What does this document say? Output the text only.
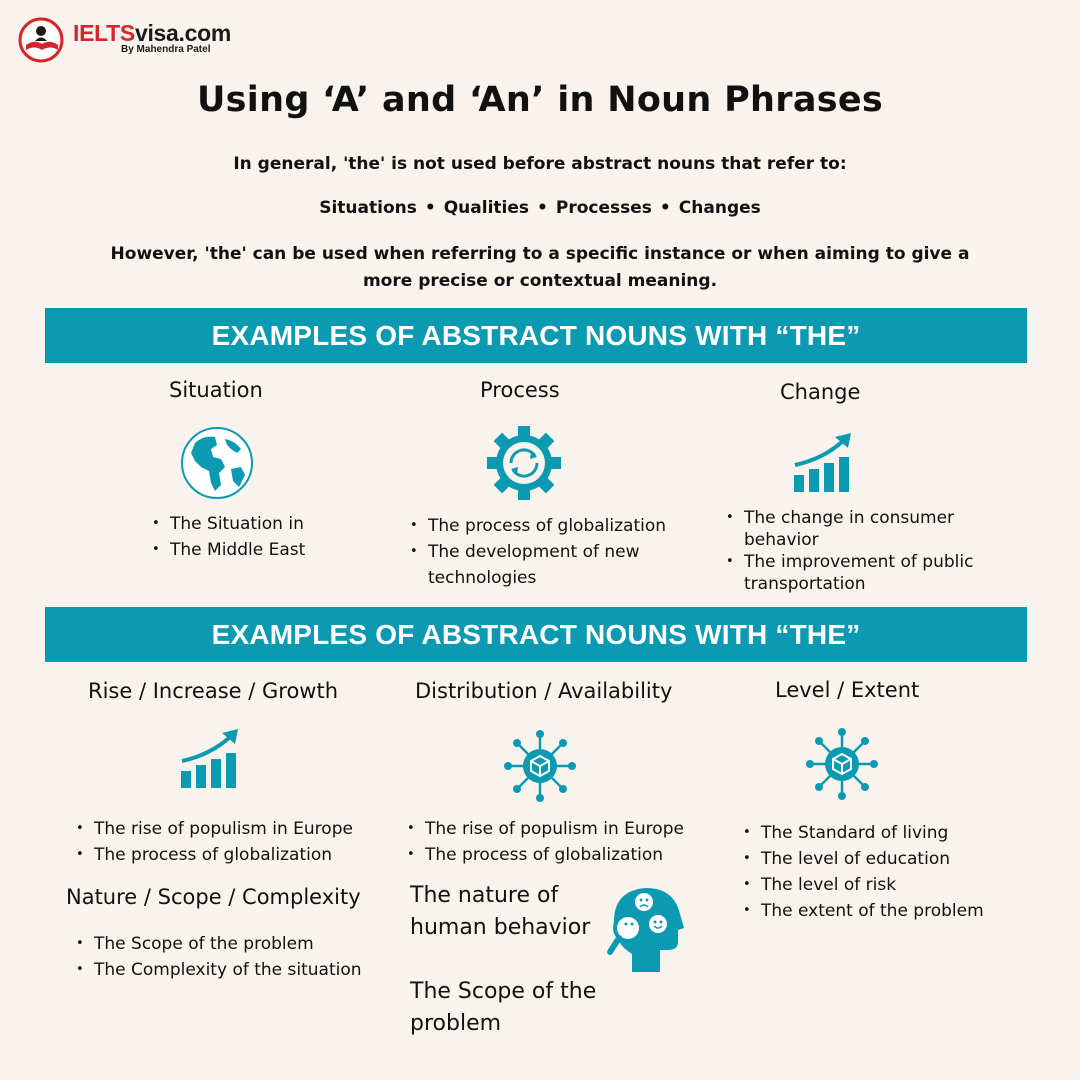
IELTSvisa.com
By Mahendra Patel
Using ‘A’ and ‘An’ in Noun Phrases
In general, 'the' is not used before abstract nouns that refer to:
Situations • Qualities • Processes • Changes
However, 'the' can be used when referring to a specific instance or when aiming to give a more precise or contextual meaning.
EXAMPLES OF ABSTRACT NOUNS WITH “THE”
Situation
• The Situation in
• The Middle East
Process
• The process of globalization
• The development of new technologies
Change
• The change in consumer behavior
• The improvement of public transportation
EXAMPLES OF ABSTRACT NOUNS WITH “THE”
Rise / Increase / Growth
• The rise of populism in Europe
• The process of globalization
Nature / Scope / Complexity
• The Scope of the problem
• The Complexity of the situation
Distribution / Availability
• The rise of populism in Europe
• The process of globalization
The nature of human behavior
The Scope of the problem
Level / Extent
• The Standard of living
• The level of education
• The level of risk
• The extent of the problem
